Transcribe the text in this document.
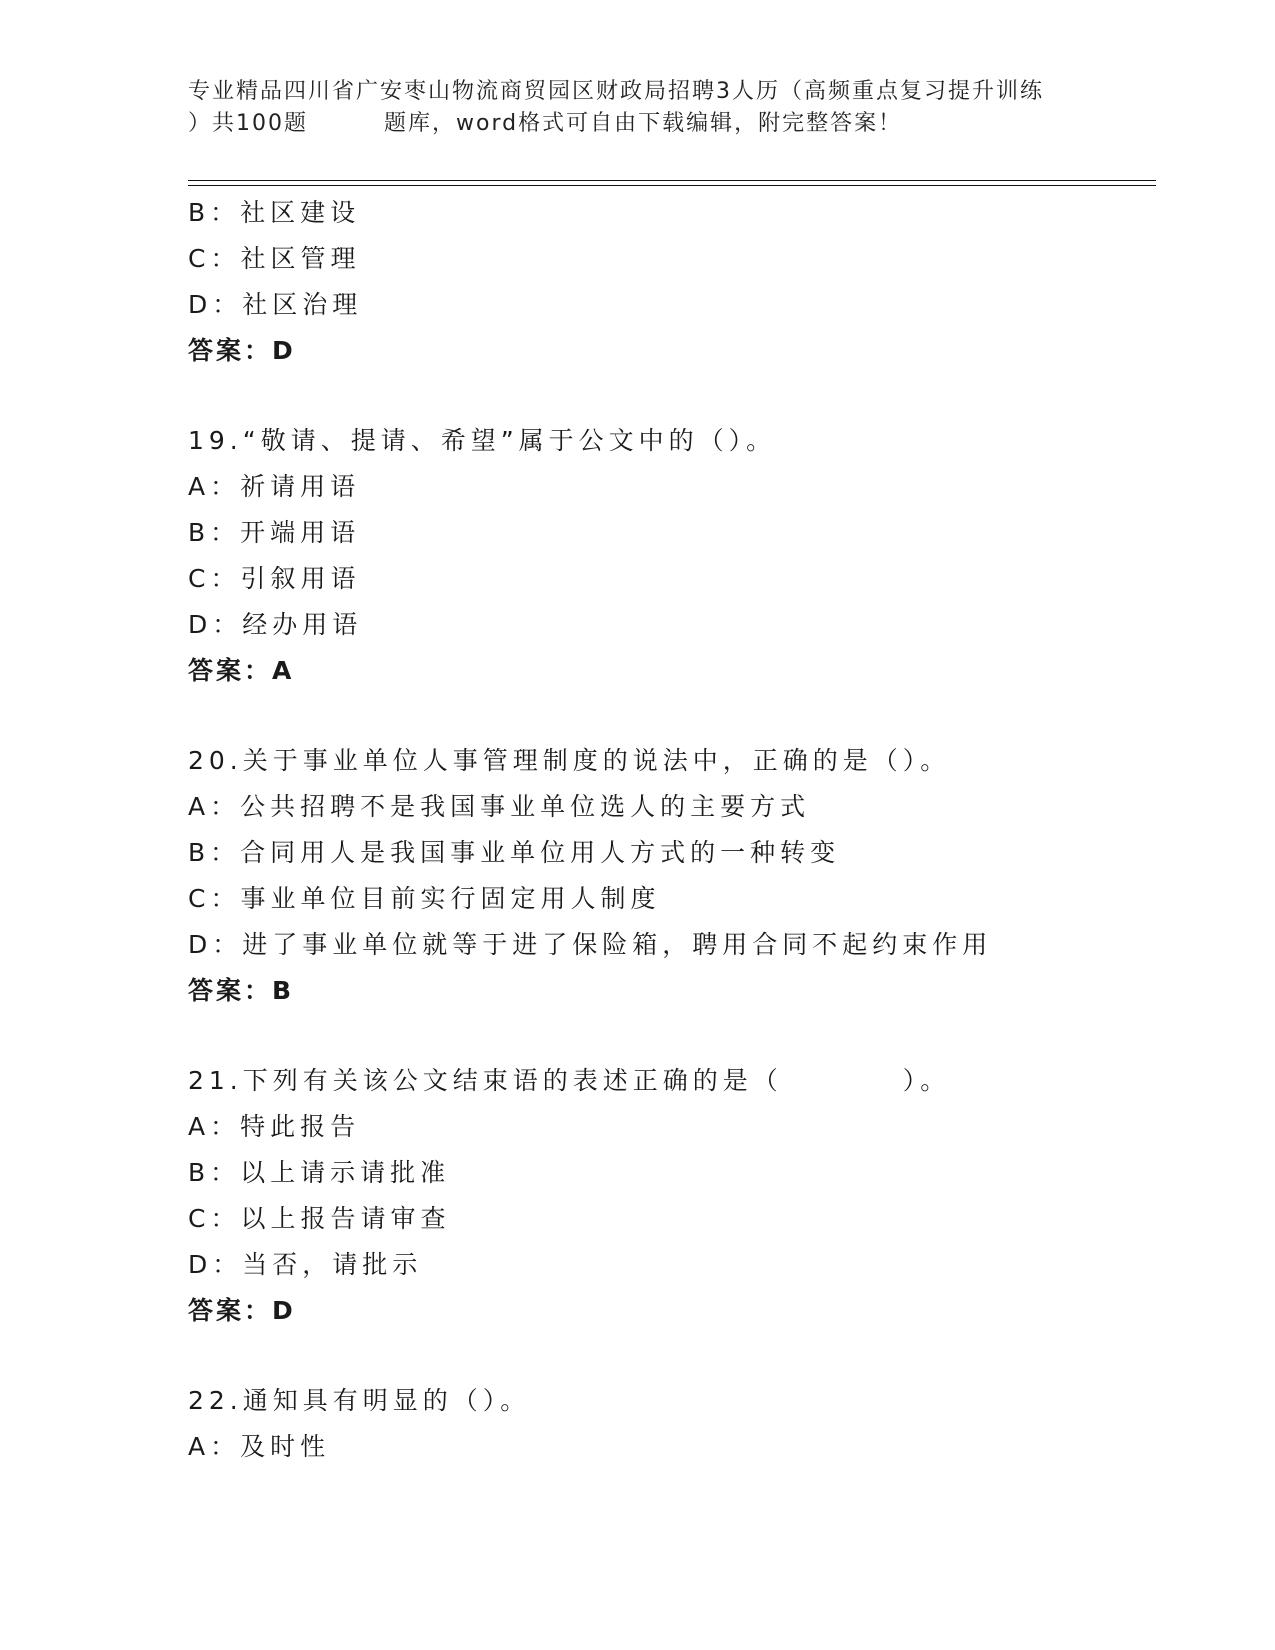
专业精品四川省广安枣山物流商贸园区财政局招聘3人历（高频重点复习提升训练
）共100题	题库，word格式可自由下载编辑，附完整答案！
B：社区建设
C：社区管理
D：社区治理
答案：D
19.“敬请、提请、希望”属于公文中的（）。
A：祈请用语
B：开端用语
C：引叙用语
D：经办用语
答案：A
20.关于事业单位人事管理制度的说法中，正确的是（）。
A：公共招聘不是我国事业单位选人的主要方式
B：合同用人是我国事业单位用人方式的一种转变
C：事业单位目前实行固定用人制度
D：进了事业单位就等于进了保险箱，聘用合同不起约束作用
答案：B
21.下列有关该公文结束语的表述正确的是（	）。
A：特此报告
B：以上请示请批准
C：以上报告请审查
D：当否，请批示
答案：D
22.通知具有明显的（）。
A：及时性
